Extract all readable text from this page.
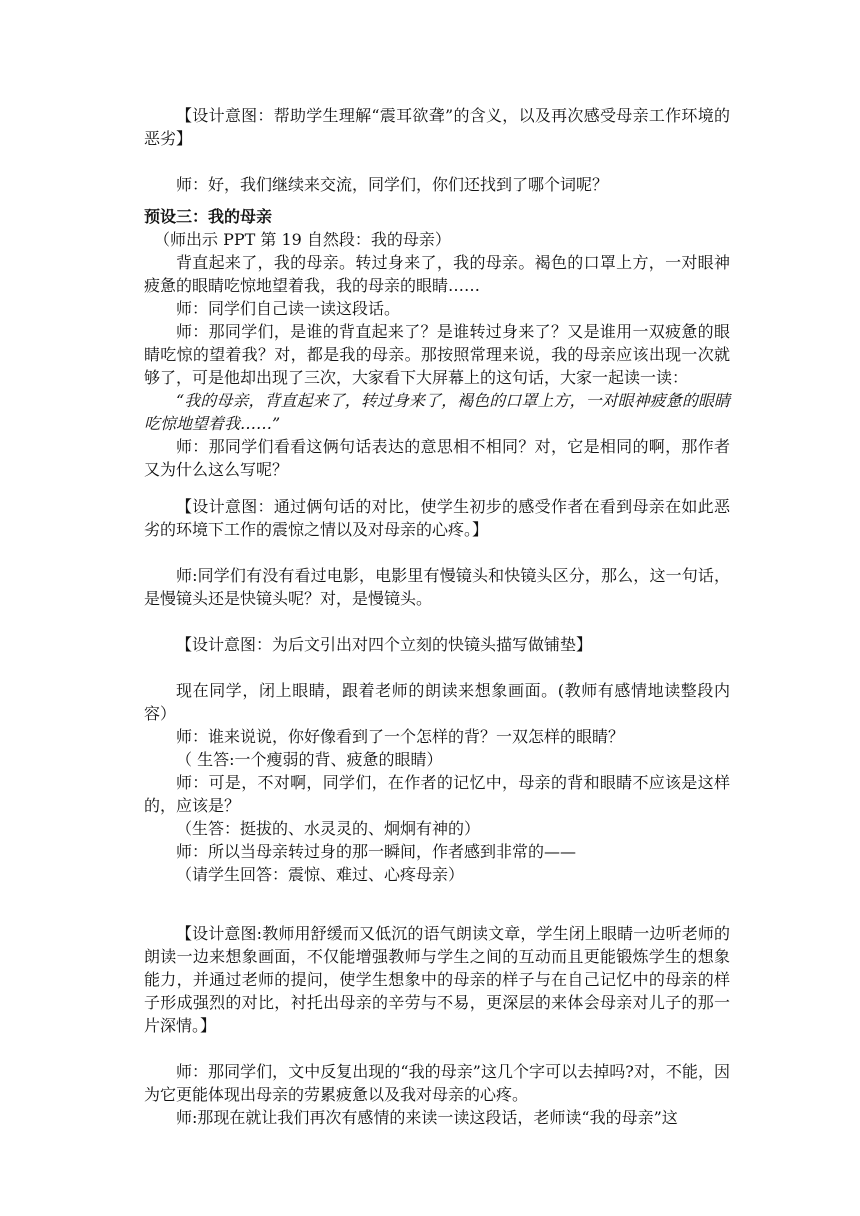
【设计意图：帮助学生理解“震耳欲聋”的含义，以及再次感受母亲工作环境的恶劣】

师：好，我们继续来交流，同学们，你们还找到了哪个词呢？

预设三：我的母亲

（师出示 PPT 第 19 自然段：我的母亲）

背直起来了，我的母亲。转过身来了，我的母亲。褐色的口罩上方，一对眼神疲惫的眼睛吃惊地望着我，我的母亲的眼睛……

师：同学们自己读一读这段话。

师：那同学们，是谁的背直起来了？是谁转过身来了？又是谁用一双疲惫的眼睛吃惊的望着我？对，都是我的母亲。那按照常理来说，我的母亲应该出现一次就够了，可是他却出现了三次，大家看下大屏幕上的这句话，大家一起读一读：

“我的母亲，背直起来了，转过身来了，褐色的口罩上方，一对眼神疲惫的眼睛吃惊地望着我……”

师：那同学们看看这俩句话表达的意思相不相同？对，它是相同的啊，那作者又为什么这么写呢？

【设计意图：通过俩句话的对比，使学生初步的感受作者在看到母亲在如此恶劣的环境下工作的震惊之情以及对母亲的心疼。】

师:同学们有没有看过电影，电影里有慢镜头和快镜头区分，那么，这一句话，是慢镜头还是快镜头呢？对，是慢镜头。

【设计意图：为后文引出对四个立刻的快镜头描写做铺垫】

现在同学，闭上眼睛，跟着老师的朗读来想象画面。(教师有感情地读整段内容）

师：谁来说说，你好像看到了一个怎样的背？一双怎样的眼睛？

（ 生答:一个瘦弱的背、疲惫的眼睛）

师：可是，不对啊，同学们，在作者的记忆中，母亲的背和眼睛不应该是这样的，应该是？

（生答：挺拔的、水灵灵的、炯炯有神的）

师：所以当母亲转过身的那一瞬间，作者感到非常的——

（请学生回答：震惊、难过、心疼母亲）

【设计意图:教师用舒缓而又低沉的语气朗读文章，学生闭上眼睛一边听老师的朗读一边来想象画面，不仅能增强教师与学生之间的互动而且更能锻炼学生的想象能力，并通过老师的提问，使学生想象中的母亲的样子与在自己记忆中的母亲的样子形成强烈的对比，衬托出母亲的辛劳与不易，更深层的来体会母亲对儿子的那一片深情。】

师：那同学们，文中反复出现的“我的母亲”这几个字可以去掉吗?对，不能，因为它更能体现出母亲的劳累疲惫以及我对母亲的心疼。

师:那现在就让我们再次有感情的来读一读这段话，老师读“我的母亲”这
